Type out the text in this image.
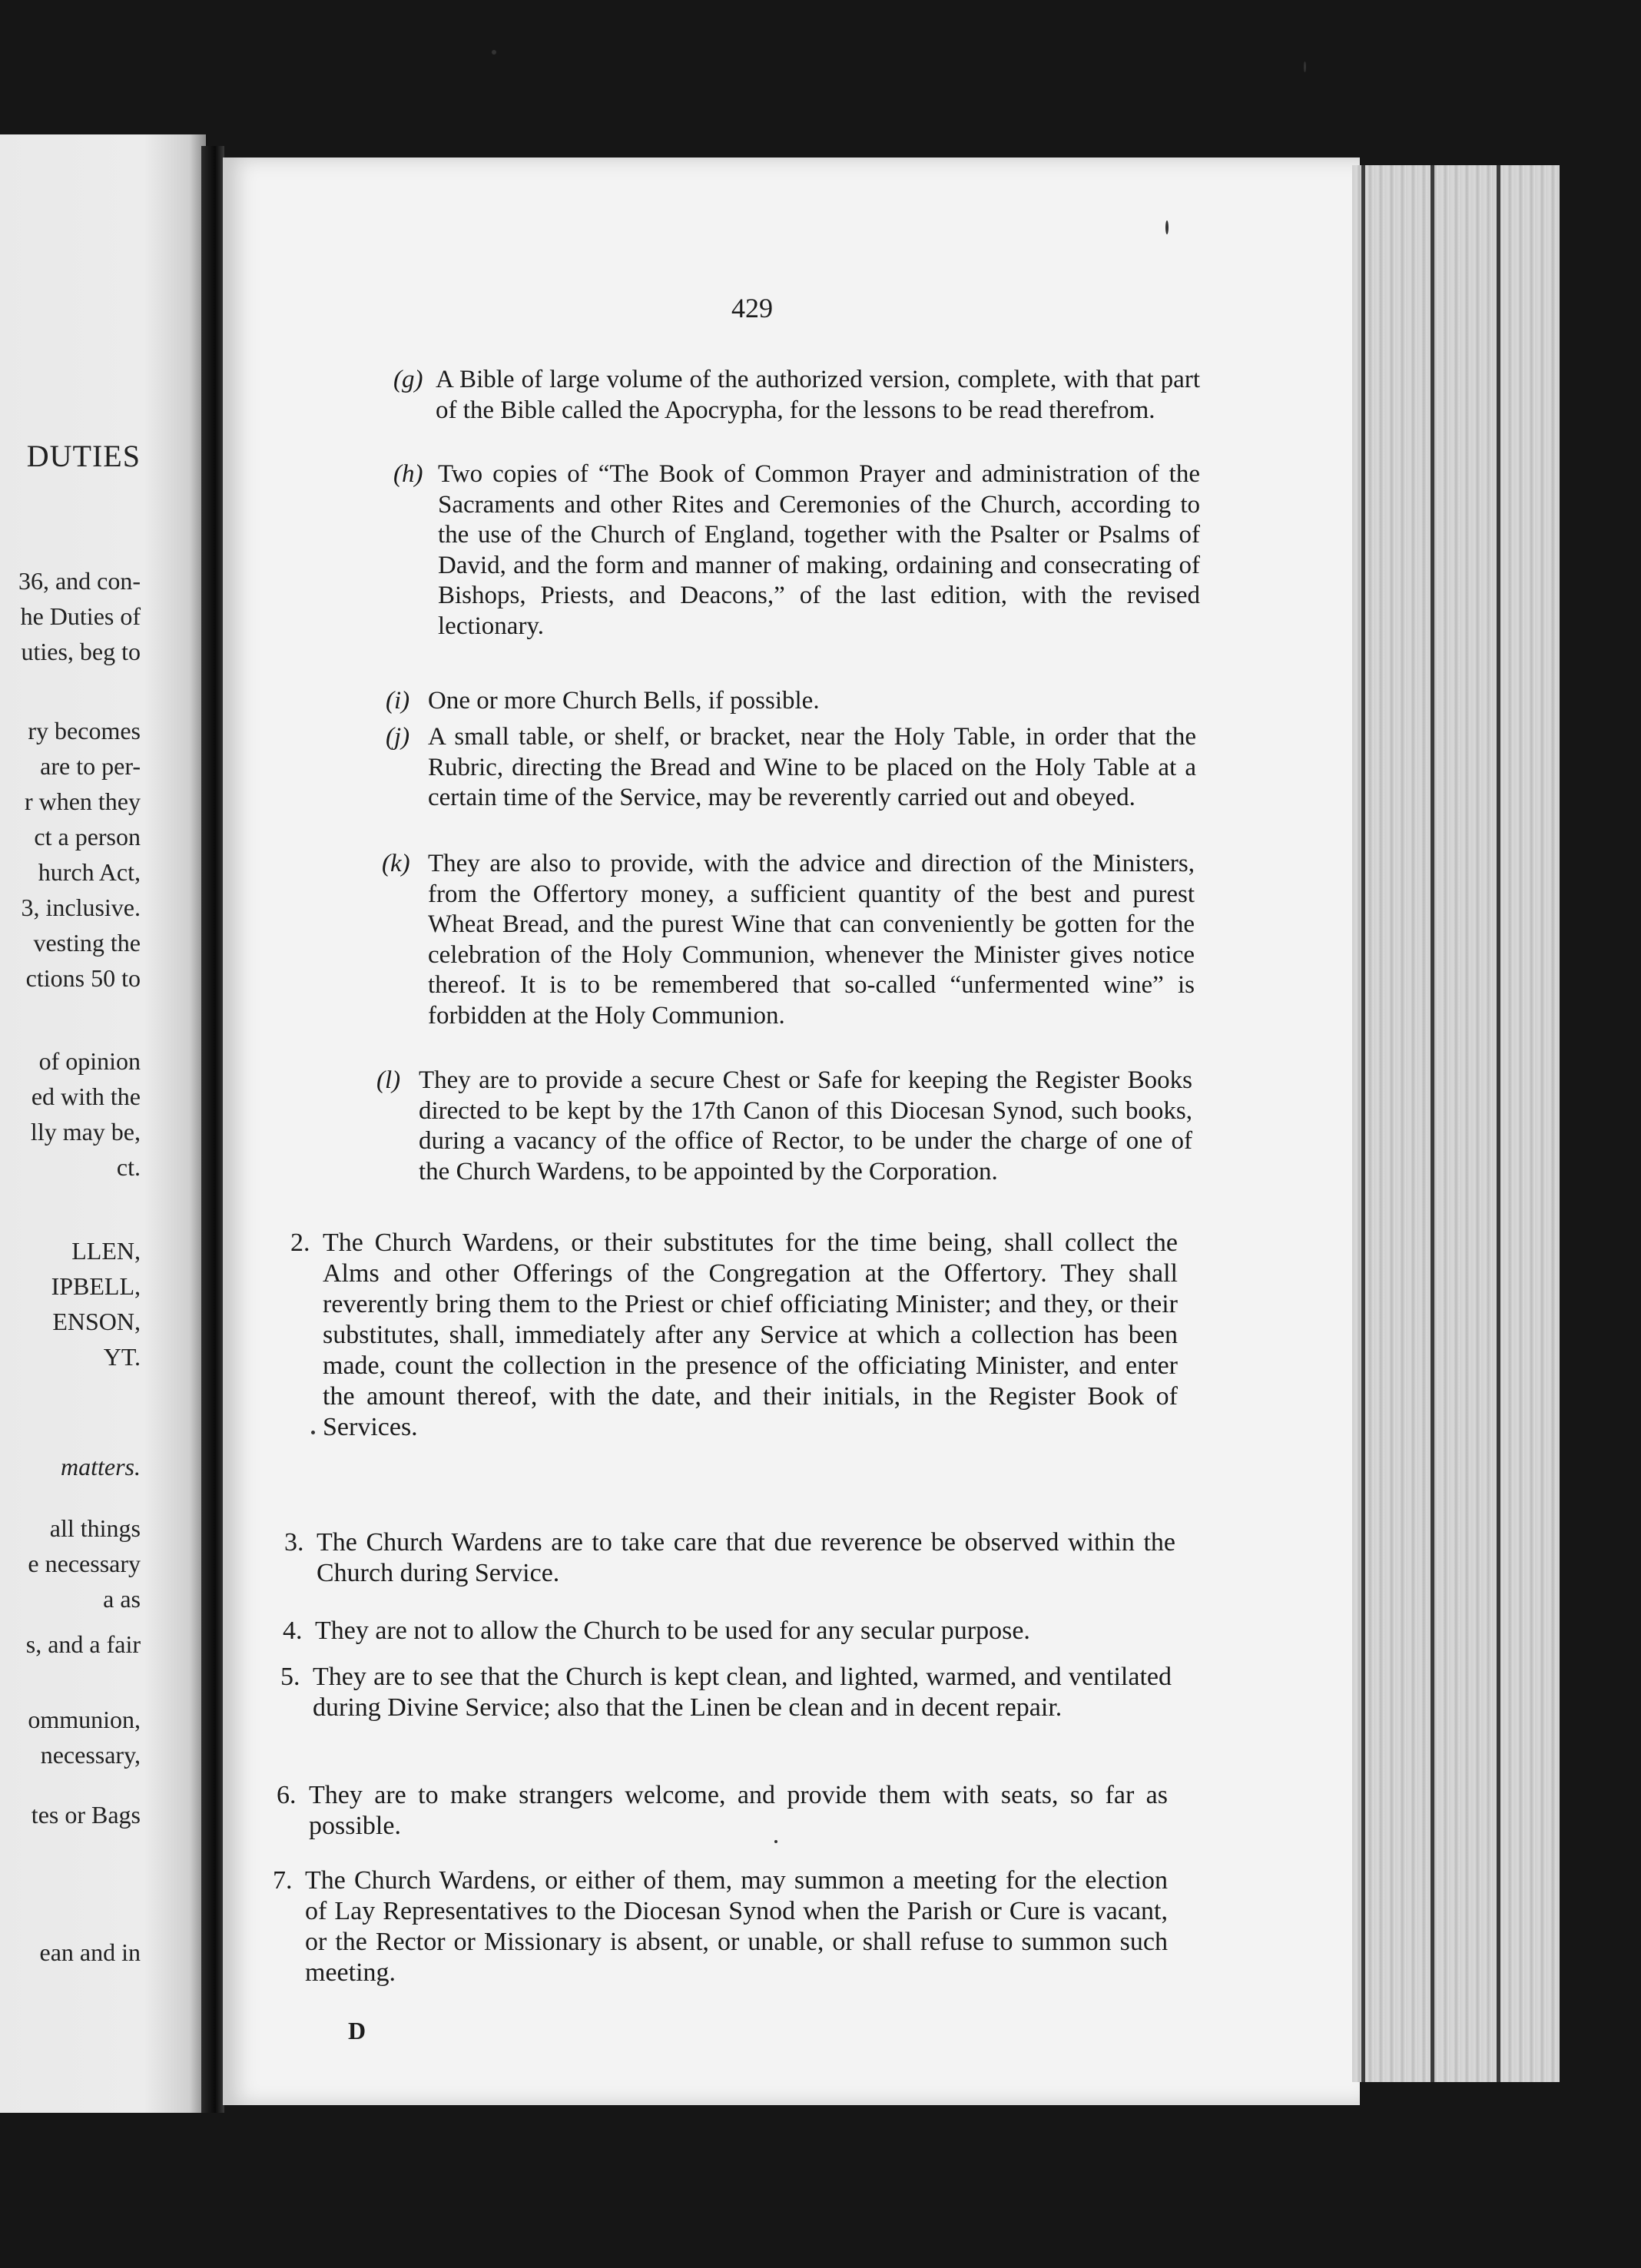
DUTIES
36, and con-
he Duties of
uties, beg to
ry becomes
are to per-
r when they
ct a person
hurch Act,
3, inclusive.
vesting the
ctions 50 to
of opinion
ed with the
lly may be,
ct.
LLEN,
IPBELL,
ENSON,
YT.
matters.
all things
e necessary
a as
s, and a fair
ommunion,
necessary,
tes or Bags
ean and in
429
(g) A Bible of large volume of the authorized version, complete, with that part of the Bible called the Apocrypha, for the lessons to be read therefrom.

(h) Two copies of “The Book of Common Prayer and administration of the Sacraments and other Rites and Ceremonies of the Church, according to the use of the Church of England, together with the Psalter or Psalms of David, and the form and manner of making, ordaining and consecrating of Bishops, Priests, and Deacons,” of the last edition, with the revised lectionary.

(i) One or more Church Bells, if possible.

(j) A small table, or shelf, or bracket, near the Holy Table, in order that the Rubric, directing the Bread and Wine to be placed on the Holy Table at a certain time of the Service, may be reverently carried out and obeyed.

(k) They are also to provide, with the advice and direction of the Ministers, from the Offertory money, a sufficient quantity of the best and purest Wheat Bread, and the purest Wine that can conveniently be gotten for the celebration of the Holy Communion, whenever the Minister gives notice thereof. It is to be remembered that so-called “unfermented wine” is forbidden at the Holy Communion.

(l) They are to provide a secure Chest or Safe for keeping the Register Books directed to be kept by the 17th Canon of this Diocesan Synod, such books, during a vacancy of the office of Rector, to be under the charge of one of the Church Wardens, to be appointed by the Corporation.

2. The Church Wardens, or their substitutes for the time being, shall collect the Alms and other Offerings of the Congregation at the Offertory. They shall reverently bring them to the Priest or chief officiating Minister; and they, or their substitutes, shall, immediately after any Service at which a collection has been made, count the collection in the presence of the officiating Minister, and enter the amount thereof, with the date, and their initials, in the Register Book of Services.

3. The Church Wardens are to take care that due reverence be observed within the Church during Service.

4. They are not to allow the Church to be used for any secular purpose.

5. They are to see that the Church is kept clean, and lighted, warmed, and ventilated during Divine Service; also that the Linen be clean and in decent repair.

6. They are to make strangers welcome, and provide them with seats, so far as possible.

7. The Church Wardens, or either of them, may summon a meeting for the election of Lay Representatives to the Diocesan Synod when the Parish or Cure is vacant, or the Rector or Missionary is absent, or unable, or shall refuse to summon such meeting.

D
